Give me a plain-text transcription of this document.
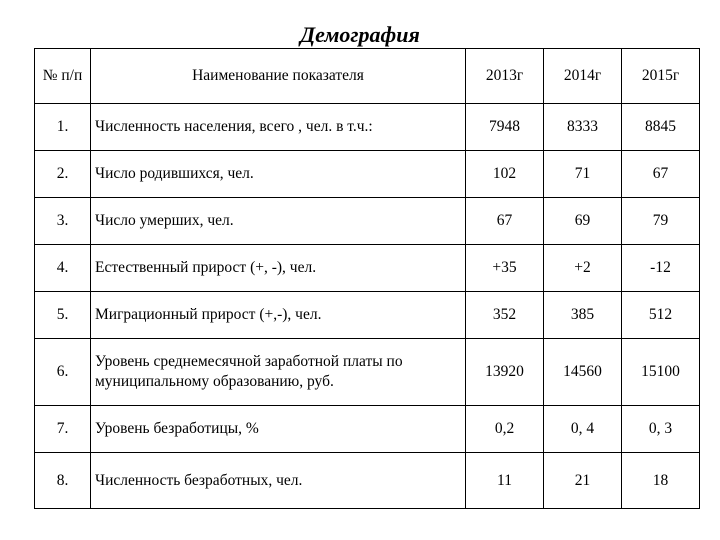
Демография
№ п/п	Наименование показателя	2013г	2014г	2015г
1.	Численность населения, всего , чел. в т.ч.:	7948	8333	8845
2.	Число родившихся, чел.	102	71	67
3.	Число умерших, чел.	67	69	79
4.	Естественный прирост (+, -), чел.	+35	+2	-12
5.	Миграционный прирост (+,-), чел.	352	385	512
6.	Уровень среднемесячной заработной платы по муниципальному образованию, руб.	13920	14560	15100
7.	Уровень безработицы, %	0,2	0, 4	0, 3
8.	Численность безработных, чел.	11	21	18
